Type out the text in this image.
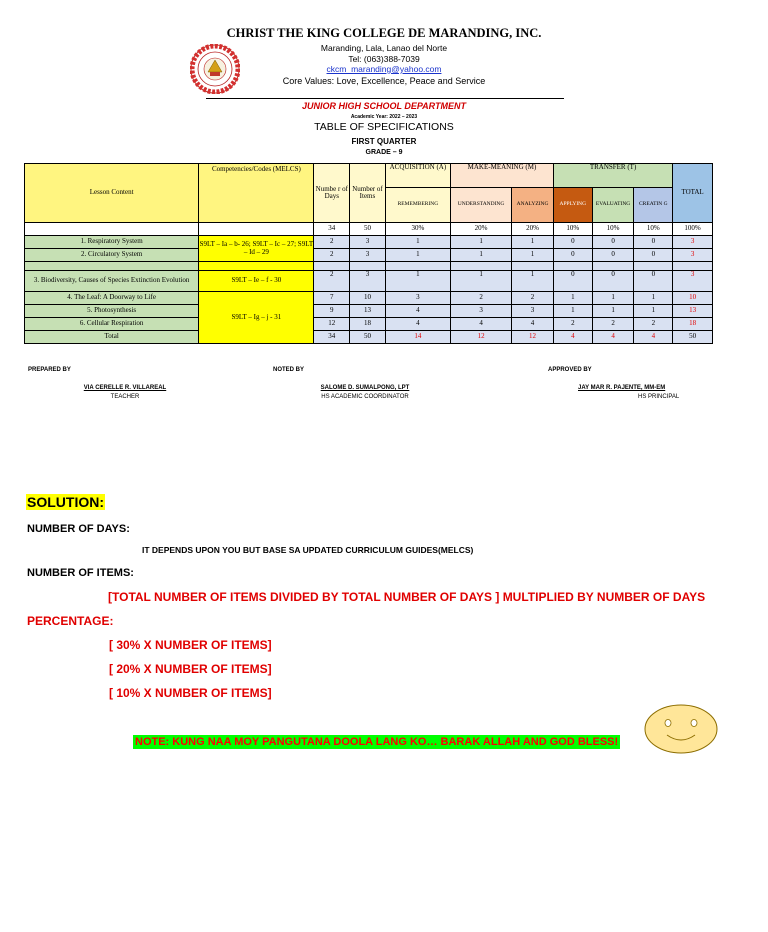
CHRIST THE KING COLLEGE DE MARANDING, INC.
Maranding, Lala, Lanao del Norte
Tel: (063)388-7039
ckcm_maranding@yahoo.com
Core Values: Love, Excellence, Peace and Service
JUNIOR HIGH SCHOOL DEPARTMENT
Academic Year: 2022 – 2023
TABLE OF SPECIFICATIONS
FIRST QUARTER
GRADE – 9
Lesson Content	Competencies/Codes (MELCS)	Numbe r of Days	Number of Items	ACQUISITION (A)	MAKE-MEANING (M)		TRANSFER (T)			TOTAL
				REMEMBERING	UNDERSTANDING	ANALYZING	APPLYING	EVALUATING	CREATIN G	
		34	50	30%	20%	20%	10%	10%	10%	100%
1. Respiratory System	S9LT – Ia – b- 26; S9LT – Ic – 27; S9LT – Id – 29	2	3	1	1	1	0	0	0	3
2. Circulatory System		2	3	1	1	1	0	0	0	3

3. Biodiversity, Causes of Species Extinction Evolution	S9LT – Ie – f - 30	2	3	1	1	1	0	0	0	3
4. The Leaf: A Doorway to Life	S9LT – Ig – j - 31	7	10	3	2	2	1	1	1	10
5. Photosynthesis		9	13	4	3	3	1	1	1	13
6. Cellular Respiration		12	18	4	4	4	2	2	2	18
Total		34	50	14	12	12	4	4	4	50
PREPARED BY	NOTED BY	APPROVED BY
VIA CERELLE R. VILLAREAL
TEACHER
SALOME D. SUMALPONG, LPT
HS ACADEMIC COORDINATOR
JAY MAR R. PAJENTE, MM-EM
HS PRINCIPAL
SOLUTION:
NUMBER OF DAYS:
IT DEPENDS UPON YOU BUT BASE SA UPDATED CURRICULUM GUIDES(MELCS)
NUMBER OF ITEMS:
[TOTAL NUMBER OF ITEMS DIVIDED BY TOTAL NUMBER OF DAYS ] MULTIPLIED BY NUMBER OF DAYS
PERCENTAGE:
[ 30% X NUMBER OF ITEMS]
[ 20% X NUMBER OF ITEMS]
[ 10% X NUMBER OF ITEMS]
NOTE: KUNG NAA MOY PANGUTANA DOOLA LANG KO… BARAK ALLAH AND GOD BLESS!
